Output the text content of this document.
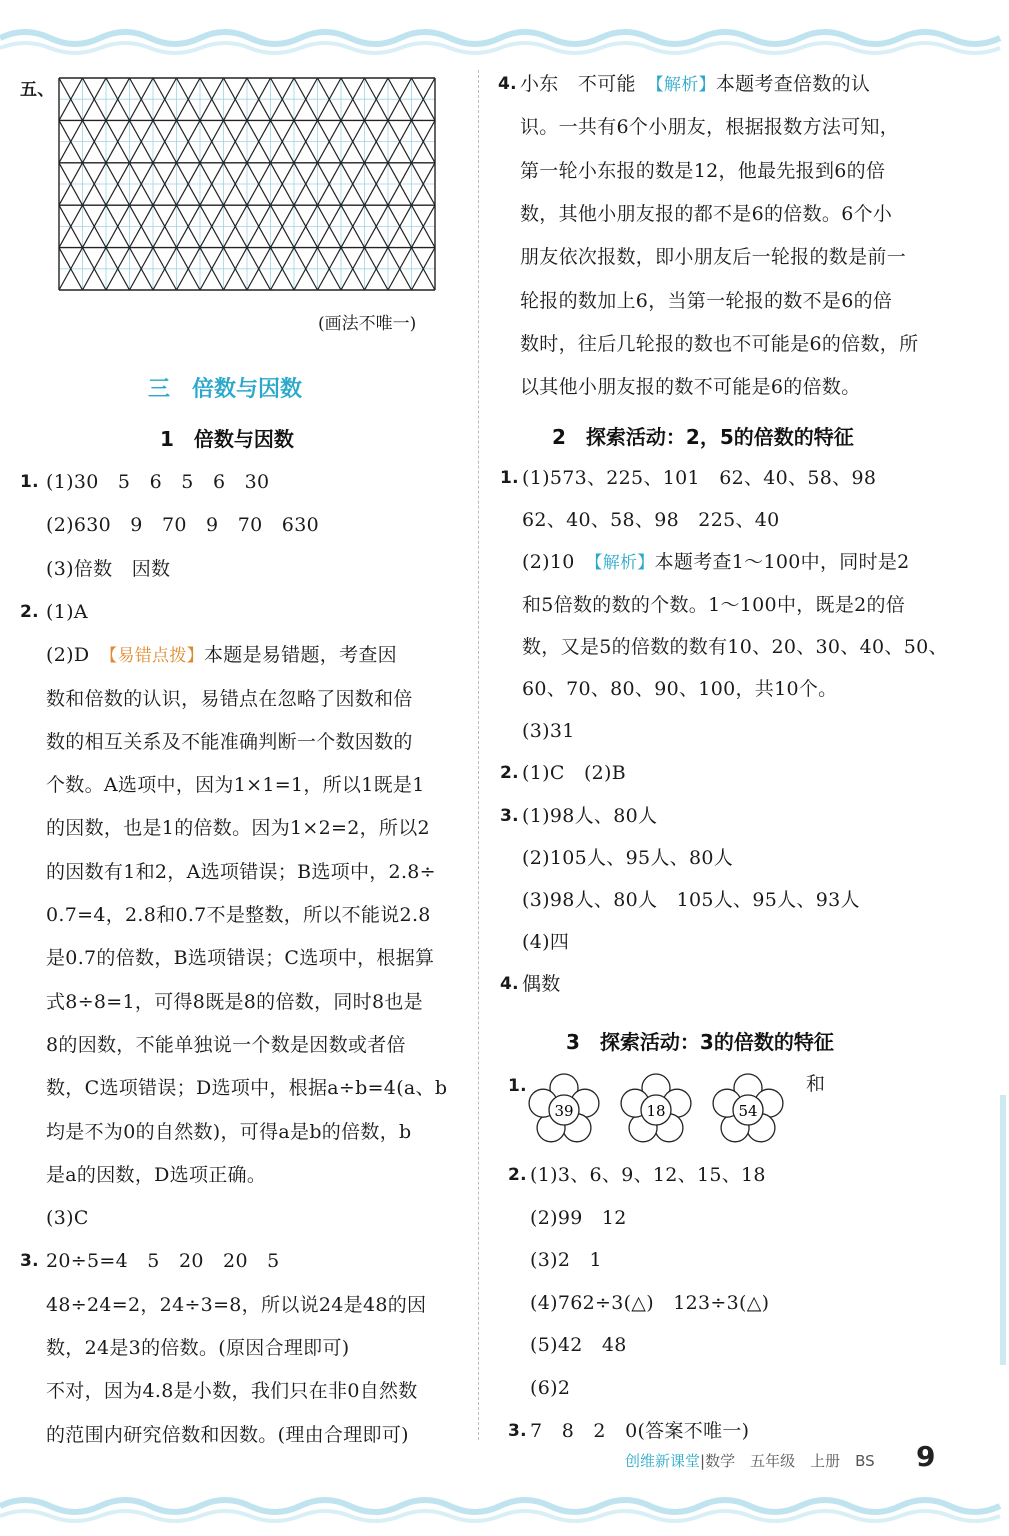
五、
(画法不唯一)
三　倍数与因数
1　倍数与因数
1. (1)30　5　6　5　6　30
(2)630　9　70　9　70　630
(3)倍数　因数
2. (1)A
(2)D　【易错点拨】本题是易错题，考查因
数和倍数的认识，易错点在忽略了因数和倍
数的相互关系及不能准确判断一个数因数的
个数。A选项中，因为1×1=1，所以1既是1
的因数，也是1的倍数。因为1×2=2，所以2
的因数有1和2，A选项错误；B选项中，2.8÷
0.7=4，2.8和0.7不是整数，所以不能说2.8
是0.7的倍数，B选项错误；C选项中，根据算
式8÷8=1，可得8既是8的倍数，同时8也是
8的因数，不能单独说一个数是因数或者倍
数，C选项错误；D选项中，根据a÷b=4(a、b
均是不为0的自然数)，可得a是b的倍数，b
是a的因数，D选项正确。
(3)C
3. 20÷5=4　5　20　20　5
48÷24=2，24÷3=8，所以说24是48的因
数，24是3的倍数。(原因合理即可)
不对，因为4.8是小数，我们只在非0自然数
的范围内研究倍数和因数。(理由合理即可)
4. 小东　不可能　【解析】本题考查倍数的认
识。一共有6个小朋友，根据报数方法可知，
第一轮小东报的数是12，他最先报到6的倍
数，其他小朋友报的都不是6的倍数。6个小
朋友依次报数，即小朋友后一轮报的数是前一
轮报的数加上6，当第一轮报的数不是6的倍
数时，往后几轮报的数也不可能是6的倍数，所
以其他小朋友报的数不可能是6的倍数。
2　探索活动：2，5的倍数的特征
1. (1)573、225、101　62、40、58、98
62、40、58、98　225、40
(2)10　【解析】本题考查1～100中，同时是2
和5倍数的数的个数。1～100中，既是2的倍
数，又是5的倍数的数有10、20、30、40、50、
60、70、80、90、100，共10个。
(3)31
2. (1)C　(2)B
3. (1)98人、80人
(2)105人、95人、80人
(3)98人、80人　105人、95人、93人
(4)四
4. 偶数
3　探索活动：3的倍数的特征
1.
39	18	54
和
2. (1)3、6、9、12、15、18
(2)99　12
(3)2　1
(4)762÷3(△)　123÷3(△)
(5)42　48
(6)2
3. 7　8　2　0(答案不唯一)
创维新课堂|数学　五年级　上册　BS 9
